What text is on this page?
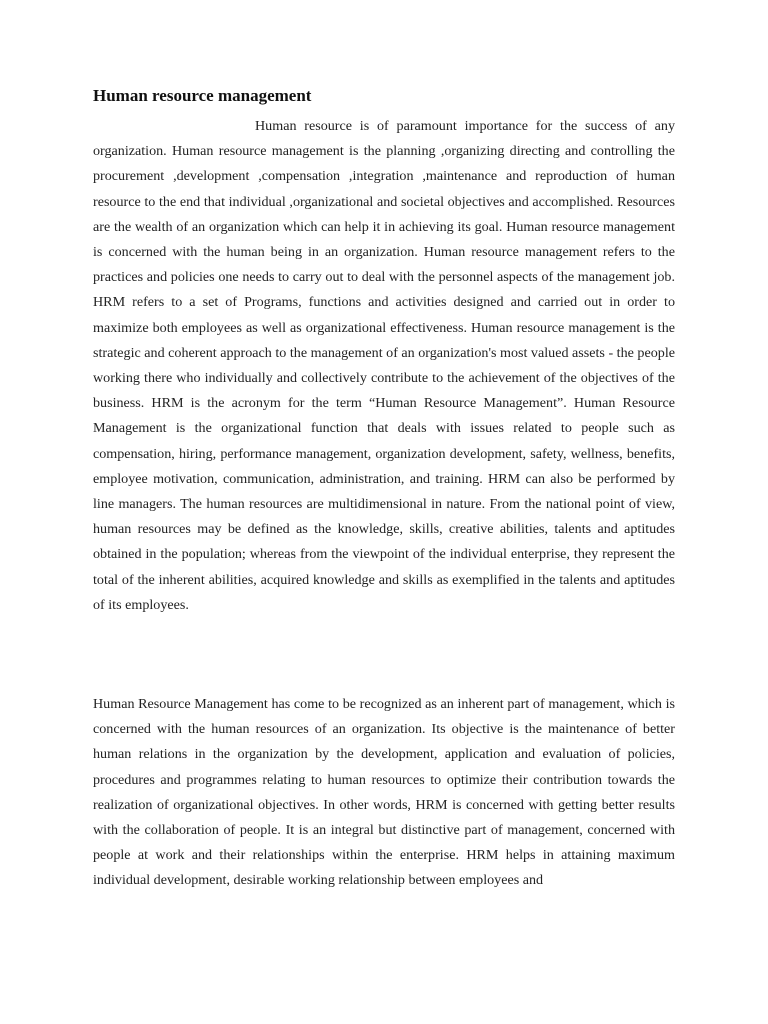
Human resource management

Human resource is of paramount importance for the success of any organization. Human resource management is the planning ,organizing directing and controlling the procurement ,development ,compensation ,integration ,maintenance and reproduction of human resource to the end that individual ,organizational and societal objectives and accomplished. Resources are the wealth of an organization which can help it in achieving its goal. Human resource management is concerned with the human being in an organization. Human resource management refers to the practices and policies one needs to carry out to deal with the personnel aspects of the management job. HRM refers to a set of Programs, functions and activities designed and carried out in order to maximize both employees as well as organizational effectiveness. Human resource management is the strategic and coherent approach to the management of an organization's most valued assets - the people working there who individually and collectively contribute to the achievement of the objectives of the business. HRM is the acronym for the term “Human Resource Management”. Human Resource Management is the organizational function that deals with issues related to people such as compensation, hiring, performance management, organization development, safety, wellness, benefits, employee motivation, communication, administration, and training. HRM can also be performed by line managers. The human resources are multidimensional in nature. From the national point of view, human resources may be defined as the knowledge, skills, creative abilities, talents and aptitudes obtained in the population; whereas from the viewpoint of the individual enterprise, they represent the total of the inherent abilities, acquired knowledge and skills as exemplified in the talents and aptitudes of its employees.

Human Resource Management has come to be recognized as an inherent part of management, which is concerned with the human resources of an organization. Its objective is the maintenance of better human relations in the organization by the development, application and evaluation of policies, procedures and programmes relating to human resources to optimize their contribution towards the realization of organizational objectives. In other words, HRM is concerned with getting better results with the collaboration of people. It is an integral but distinctive part of management, concerned with people at work and their relationships within the enterprise. HRM helps in attaining maximum individual development, desirable working relationship between employees and
